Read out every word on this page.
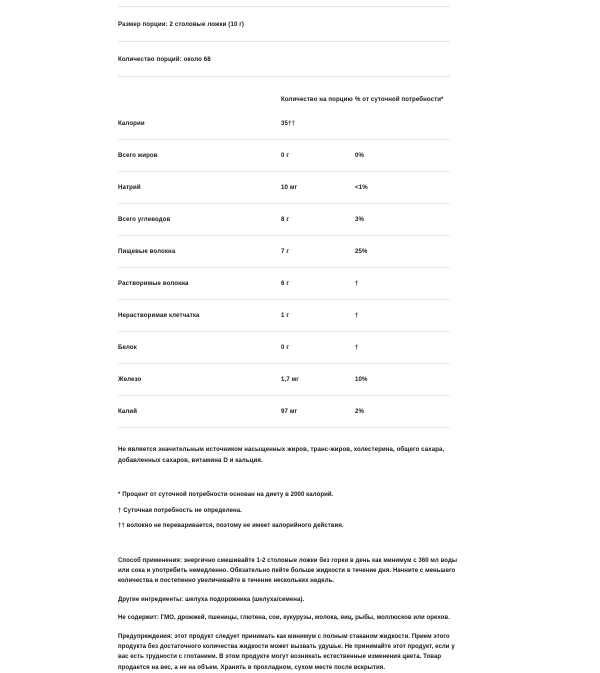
Размер порции: 2 столовые ложки (10 г)
Количество порций: около 68
	Количество на порцию	% от суточной потребности*
Калории	35††	
Всего жиров	0 г	0%
Натрий	10 мг	<1%
Всего углеводов	8 г	3%
Пищевые волокна	7 г	25%
Растворимые волокна	6 г	†
Нерастворимая клетчатка	1 г	†
Белок	0 г	†
Железо	1,7 мг	10%
Калий	97 мг	2%
Не является значительным источником насыщенных жиров, транс-жиров, холестерина, общего сахара, добавленных сахаров, витамина D и кальция.
* Процент от суточной потребности основан на диету в 2000 калорий.
† Суточная потребность не определена.
†† волокно не переваривается, поэтому не имеет калорийного действия.
Способ применения: энергично смешивайте 1-2 столовые ложки без горки в день как минимум с 360 мл воды или сока и употребить немедленно. Обязательно пейте больше жидкости в течение дня. Начните с меньшего количества и постепенно увеличивайте в течение нескольких недель.
Другие ингредиенты: шелуха подорожника (шелуха/семена).
Не содержит: ГМО, дрожжей, пшеницы, глютена, сои, кукурузы, молока, яиц, рыбы, моллюсков или орехов.
Предупреждения: этот продукт следует принимать как минимум с полным стаканом жидкости. Прием этого продукта без достаточного количества жидкости может вызвать удушье. Не принимайте этот продукт, если у вас есть трудности с глотанием. В этом продукте могут возникать естественные изменения цвета. Товар продается на вес, а не на объем. Хранить в прохладном, сухом месте после вскрытия.
